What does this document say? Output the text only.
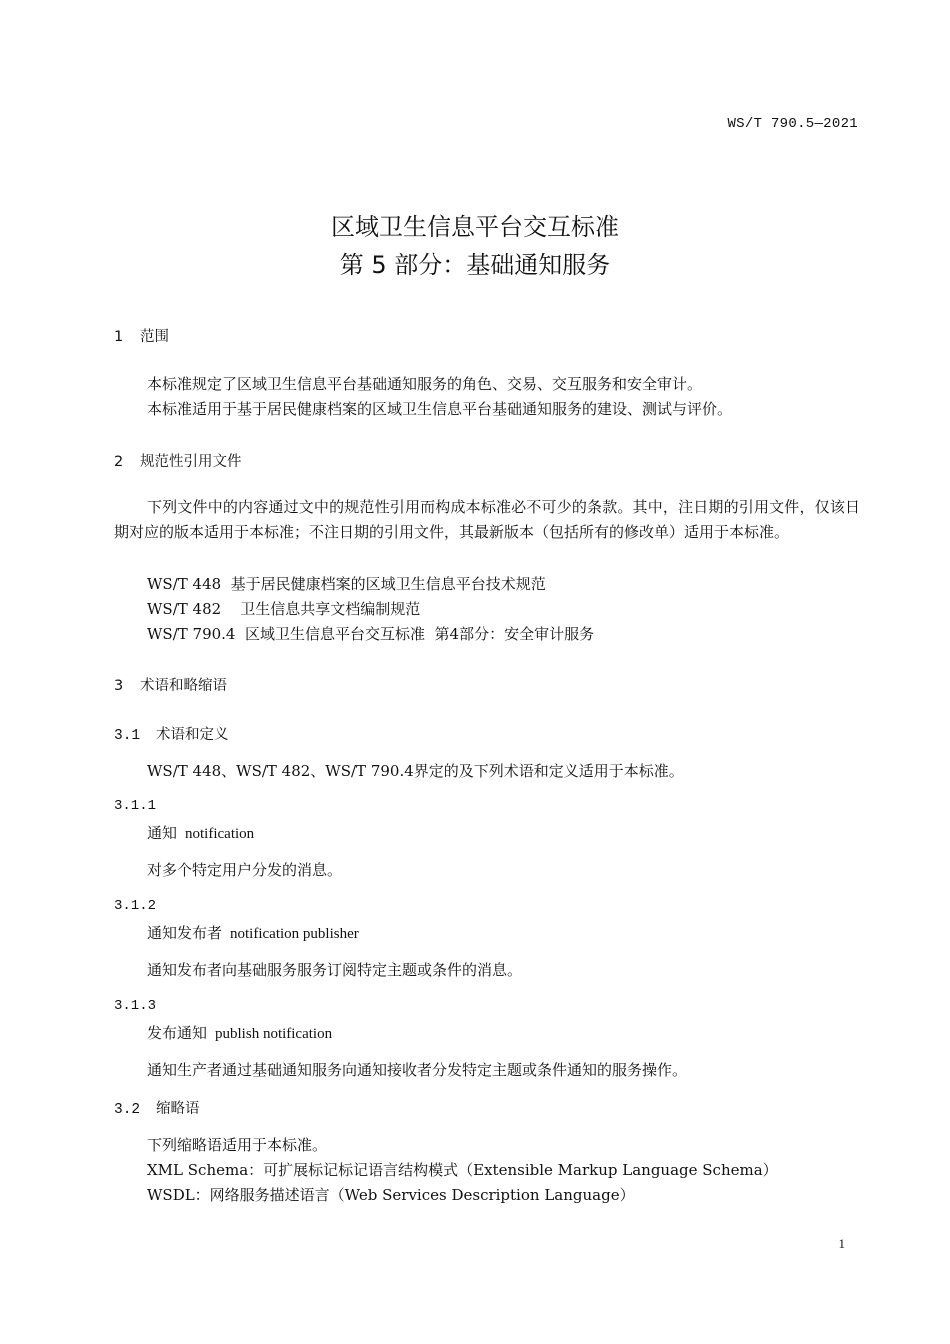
WS/T 790.5—2021
区域卫生信息平台交互标准
第 5 部分：基础通知服务
1 范围
本标准规定了区域卫生信息平台基础通知服务的角色、交易、交互服务和安全审计。
本标准适用于基于居民健康档案的区域卫生信息平台基础通知服务的建设、测试与评价。
2 规范性引用文件
下列文件中的内容通过文中的规范性引用而构成本标准必不可少的条款。其中，注日期的引用文件，仅该日期对应的版本适用于本标准；不注日期的引用文件，其最新版本（包括所有的修改单）适用于本标准。
WS/T 448  基于居民健康档案的区域卫生信息平台技术规范
WS/T 482    卫生信息共享文档编制规范
WS/T 790.4  区域卫生信息平台交互标准  第4部分：安全审计服务
3 术语和略缩语
3.1 术语和定义
WS/T 448、WS/T 482、WS/T 790.4界定的及下列术语和定义适用于本标准。
3.1.1
通知 notification
对多个特定用户分发的消息。
3.1.2
通知发布者 notification publisher
通知发布者向基础服务服务订阅特定主题或条件的消息。
3.1.3
发布通知 publish notification
通知生产者通过基础通知服务向通知接收者分发特定主题或条件通知的服务操作。
3.2 缩略语
下列缩略语适用于本标准。
XML Schema：可扩展标记标记语言结构模式（Extensible Markup Language Schema）
WSDL：网络服务描述语言（Web Services Description Language）
1
